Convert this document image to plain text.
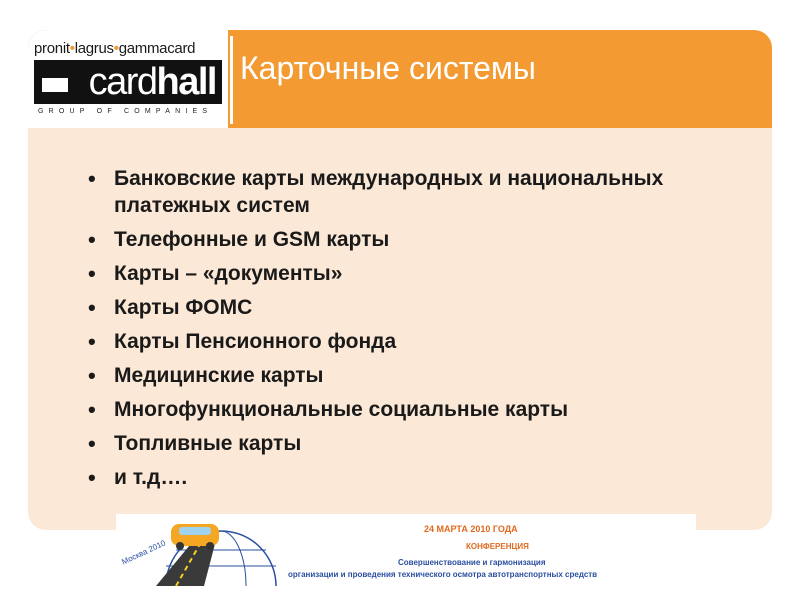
pronit•lagrus•gammacard
cardhall
GROUP OF COMPANIES
Карточные системы
• Банковские карты международных и национальных платежных систем
• Телефонные и GSM карты
• Карты – «документы»
• Карты ФОМС
• Карты Пенсионного фонда
• Медицинские карты
• Многофункциональные социальные карты
• Топливные карты
• и т.д….
Москва 2010
24 МАРТА 2010 ГОДА
КОНФЕРЕНЦИЯ
Совершенствование и гармонизация
организации и проведения технического осмотра автотранспортных средств
